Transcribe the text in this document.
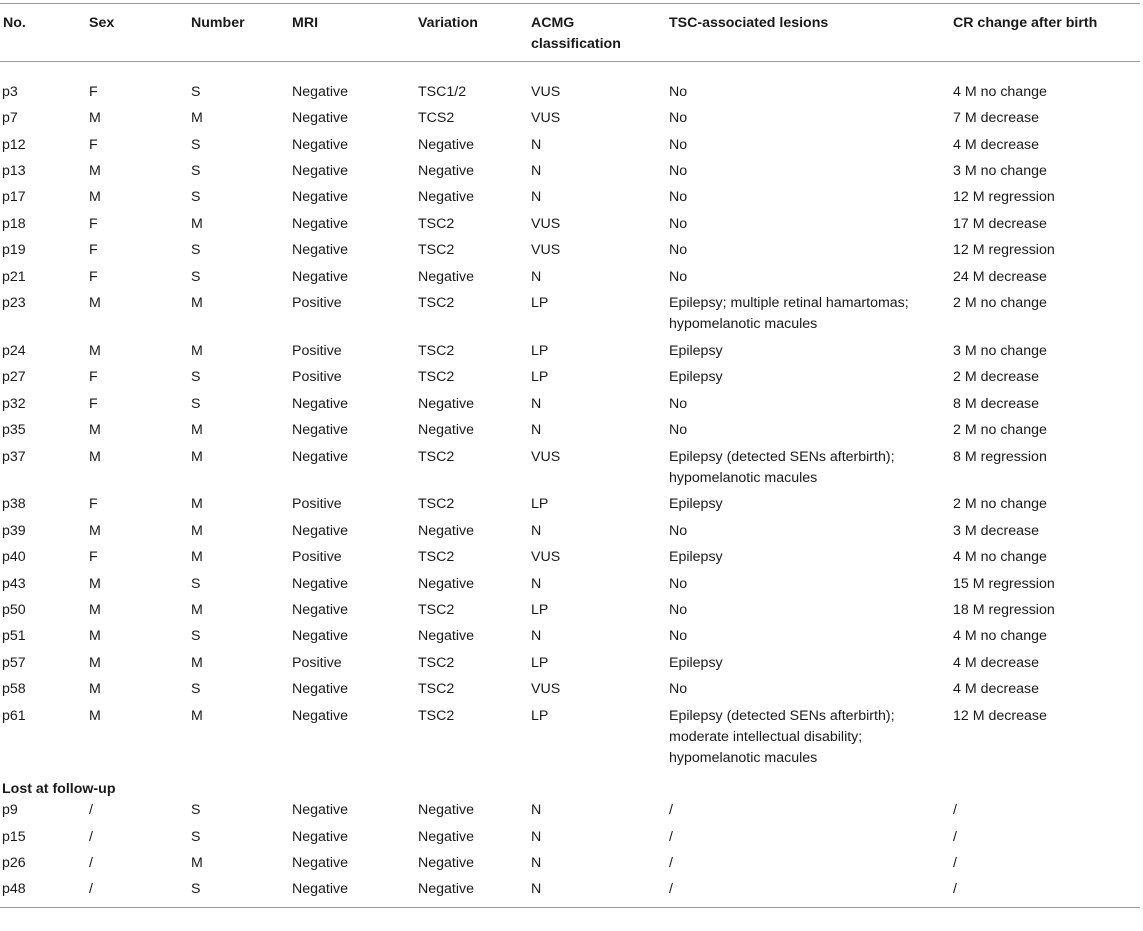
No.	Sex	Number	MRI	Variation	ACMG classification	TSC-associated lesions	CR change after birth
p3	F	S	Negative	TSC1/2	VUS	No	4 M no change
p7	M	M	Negative	TCS2	VUS	No	7 M decrease
p12	F	S	Negative	Negative	N	No	4 M decrease
p13	M	S	Negative	Negative	N	No	3 M no change
p17	M	S	Negative	Negative	N	No	12 M regression
p18	F	M	Negative	TSC2	VUS	No	17 M decrease
p19	F	S	Negative	TSC2	VUS	No	12 M regression
p21	F	S	Negative	Negative	N	No	24 M decrease
p23	M	M	Positive	TSC2	LP	Epilepsy; multiple retinal hamartomas; hypomelanotic macules	2 M no change
p24	M	M	Positive	TSC2	LP	Epilepsy	3 M no change
p27	F	S	Positive	TSC2	LP	Epilepsy	2 M decrease
p32	F	S	Negative	Negative	N	No	8 M decrease
p35	M	M	Negative	Negative	N	No	2 M no change
p37	M	M	Negative	TSC2	VUS	Epilepsy (detected SENs afterbirth); hypomelanotic macules	8 M regression
p38	F	M	Positive	TSC2	LP	Epilepsy	2 M no change
p39	M	M	Negative	Negative	N	No	3 M decrease
p40	F	M	Positive	TSC2	VUS	Epilepsy	4 M no change
p43	M	S	Negative	Negative	N	No	15 M regression
p50	M	M	Negative	TSC2	LP	No	18 M regression
p51	M	S	Negative	Negative	N	No	4 M no change
p57	M	M	Positive	TSC2	LP	Epilepsy	4 M decrease
p58	M	S	Negative	TSC2	VUS	No	4 M decrease
p61	M	M	Negative	TSC2	LP	Epilepsy (detected SENs afterbirth); moderate intellectual disability; hypomelanotic macules	12 M decrease
Lost at follow-up							
p9	/	S	Negative	Negative	N	/	/
p15	/	S	Negative	Negative	N	/	/
p26	/	M	Negative	Negative	N	/	/
p48	/	S	Negative	Negative	N	/	/
